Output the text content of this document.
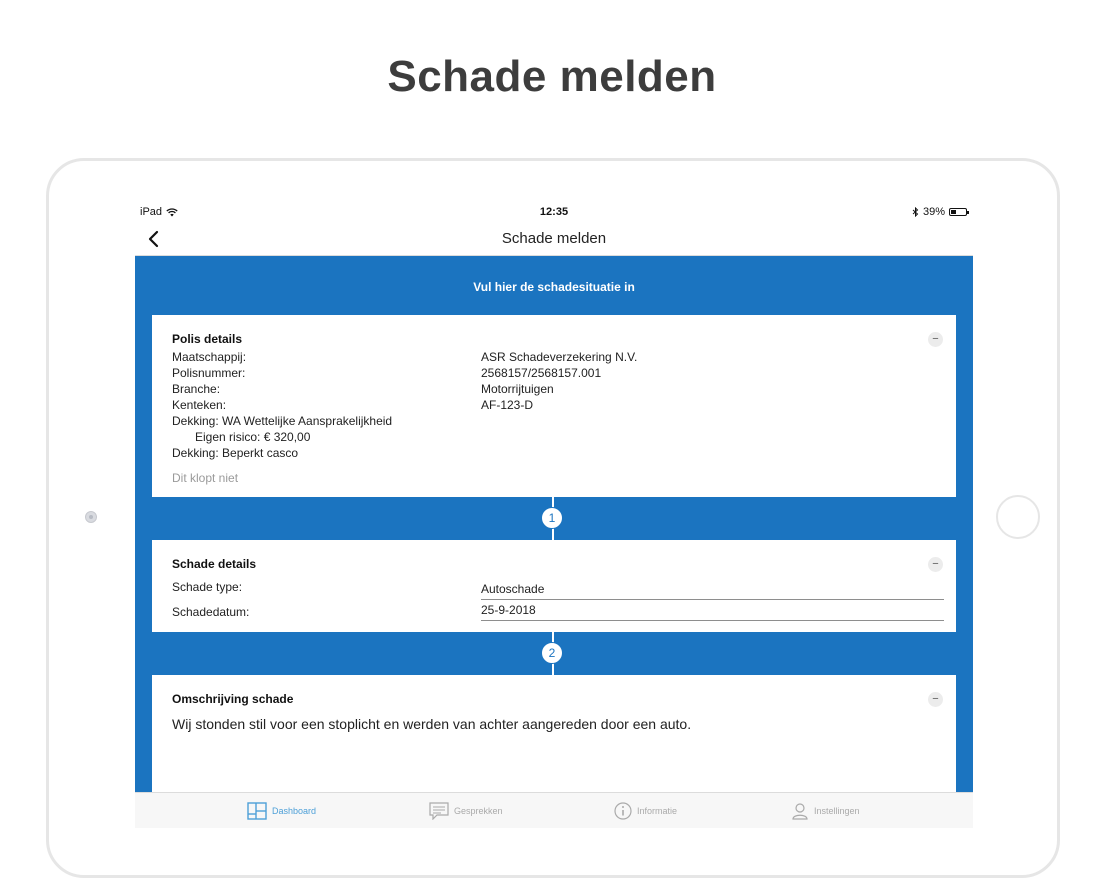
Schade melden
iPad	12:35	39%
Schade melden
Vul hier de schadesituatie in
Polis details	−
Maatschappij:	ASR Schadeverzekering N.V.
Polisnummer:	2568157/2568157.001
Branche:	Motorrijtuigen
Kenteken:	AF-123-D
Dekking: WA Wettelijke Aansprakelijkheid
Eigen risico: € 320,00
Dekking: Beperkt casco
Dit klopt niet
1
Schade details	−
Schade type:	Autoschade
Schadedatum:	25-9-2018
2
Omschrijving schade	−
Wij stonden stil voor een stoplicht en werden van achter aangereden door een auto.
Dashboard	Gesprekken	Informatie	Instellingen
